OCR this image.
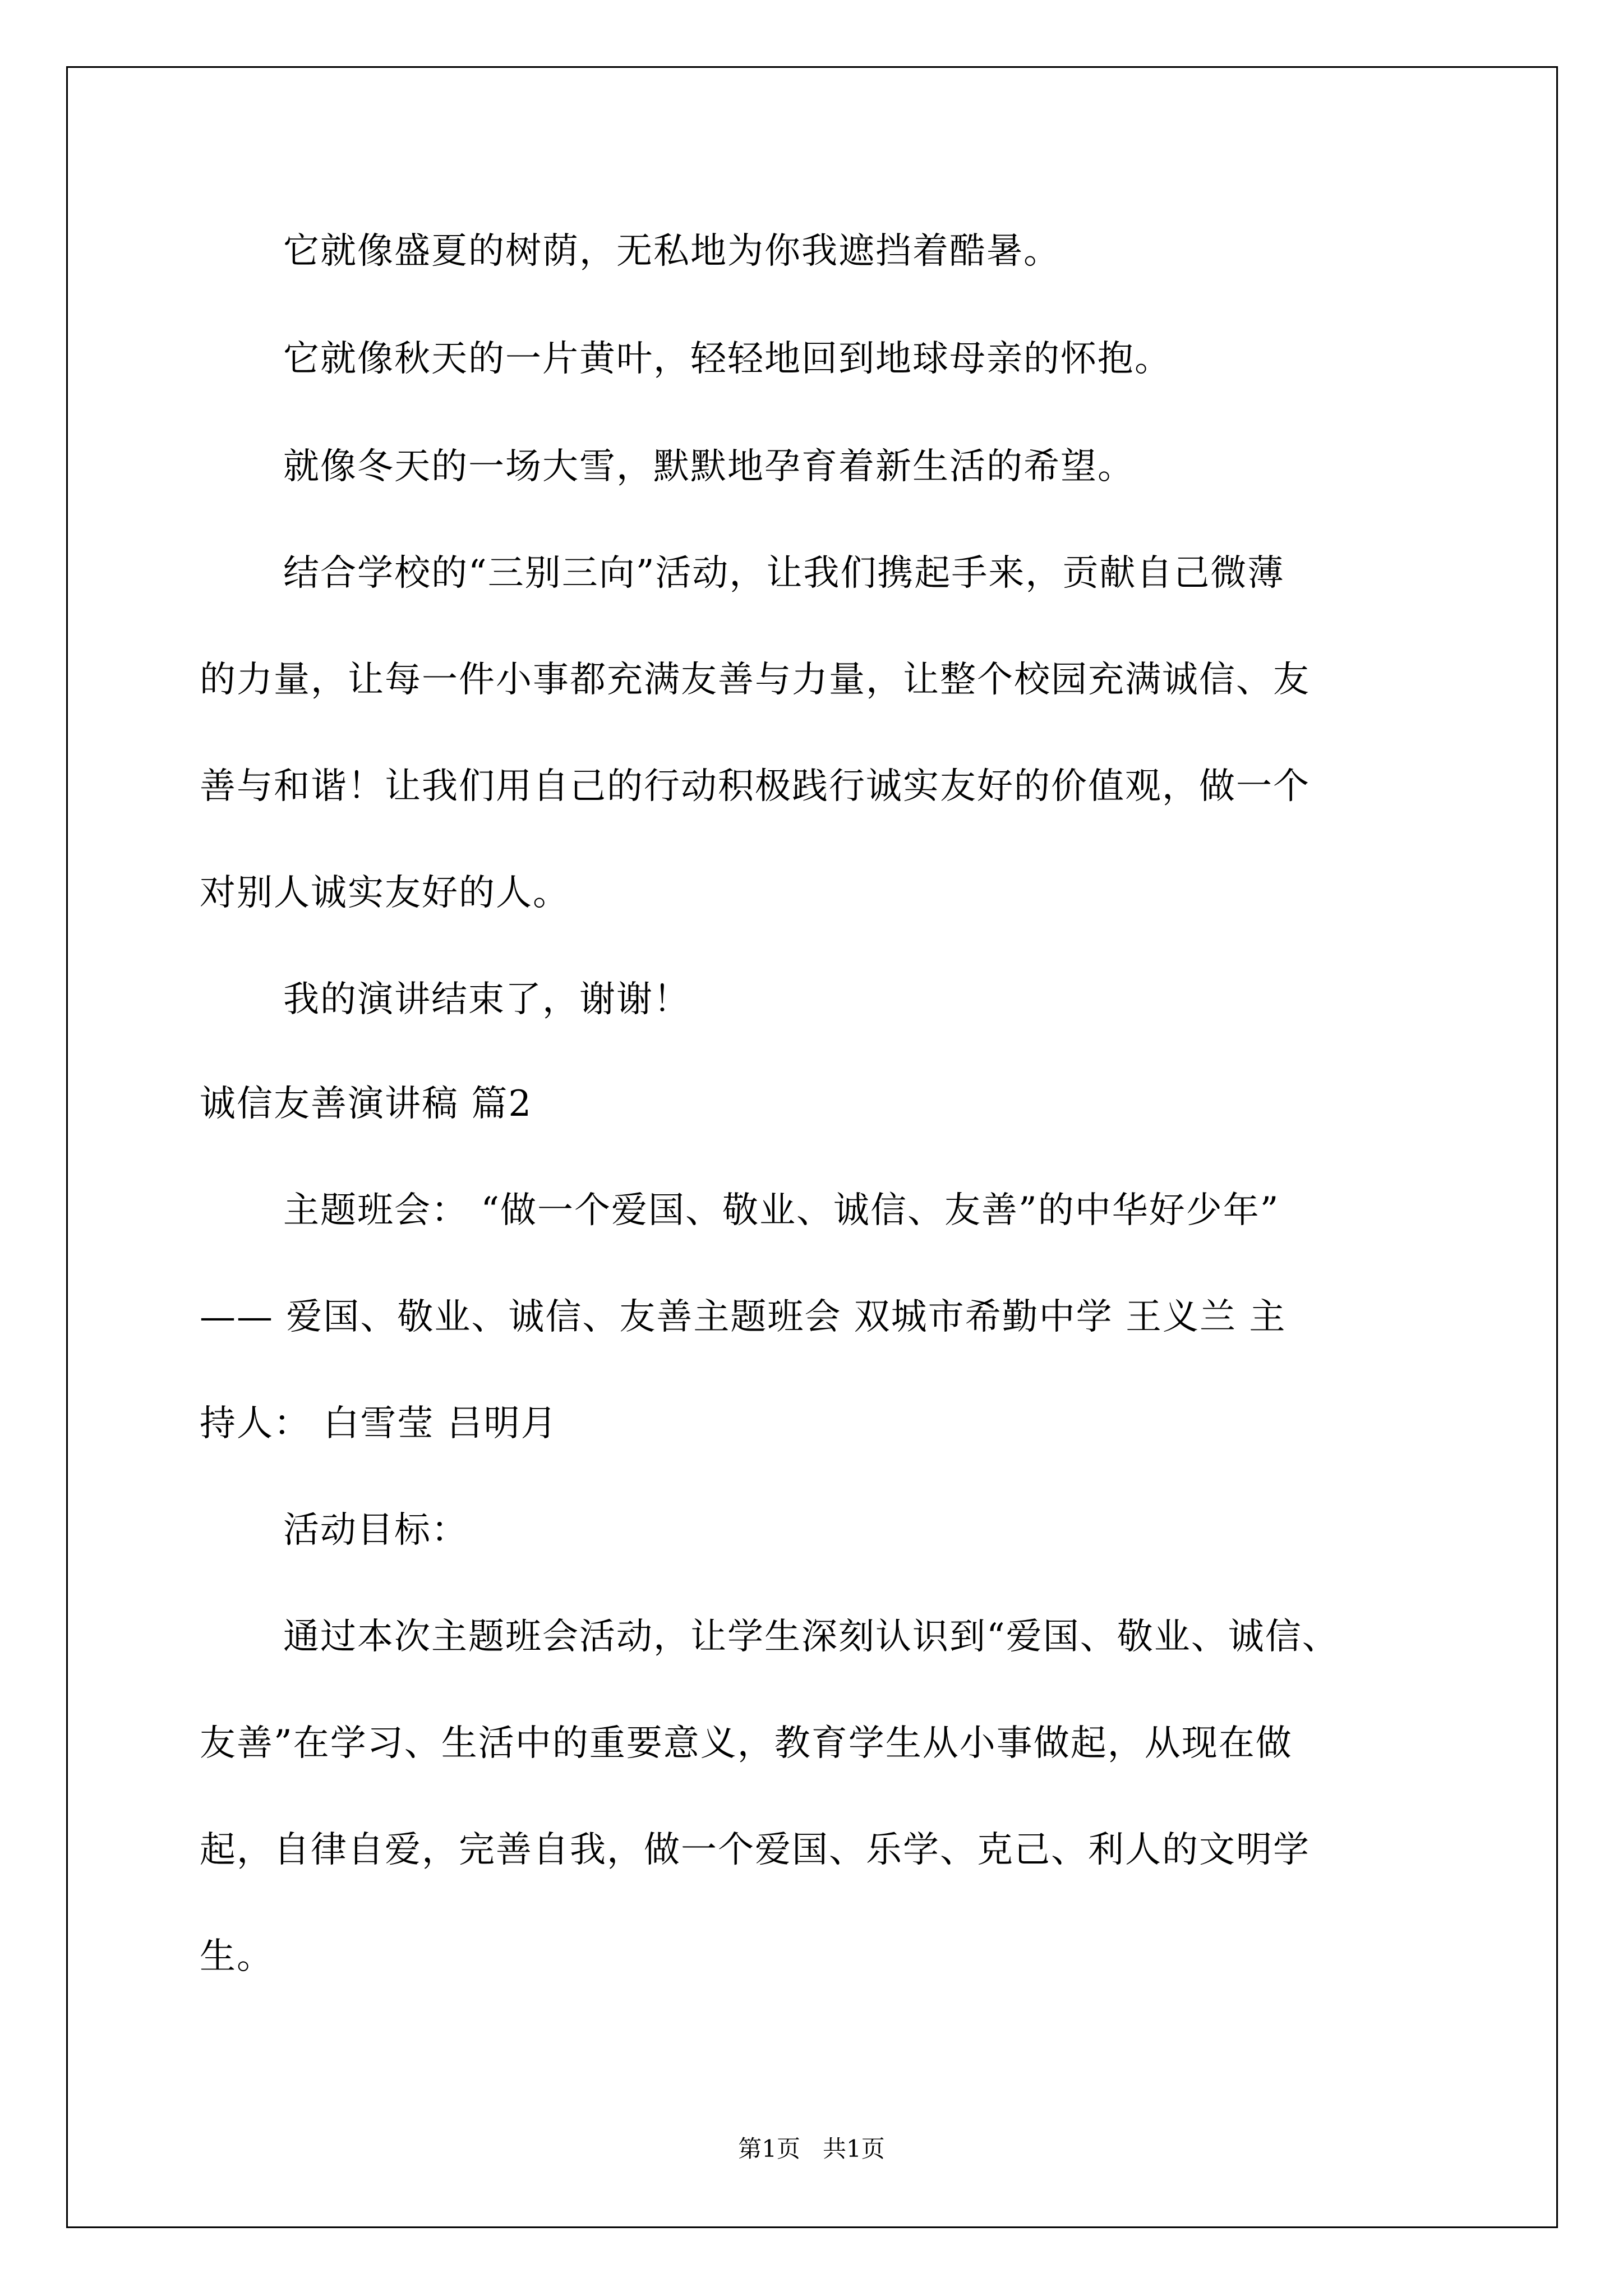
它就像盛夏的树荫，无私地为你我遮挡着酷暑。
它就像秋天的一片黄叶，轻轻地回到地球母亲的怀抱。
就像冬天的一场大雪，默默地孕育着新生活的希望。
结合学校的“三别三向”活动，让我们携起手来，贡献自己微薄
的力量，让每一件小事都充满友善与力量，让整个校园充满诚信、友
善与和谐！让我们用自己的行动积极践行诚实友好的价值观，做一个
对别人诚实友好的人。
我的演讲结束了，谢谢！
诚信友善演讲稿 篇2
主题班会： “做一个爱国、敬业、诚信、友善”的中华好少年”
—— 爱国、敬业、诚信、友善主题班会 双城市希勤中学 王义兰 主
持人： 白雪莹 吕明月
活动目标：
通过本次主题班会活动，让学生深刻认识到“爱国、敬业、诚信、
友善”在学习、生活中的重要意义，教育学生从小事做起，从现在做
起，自律自爱，完善自我，做一个爱国、乐学、克己、利人的文明学
生。
第1页   共1页
